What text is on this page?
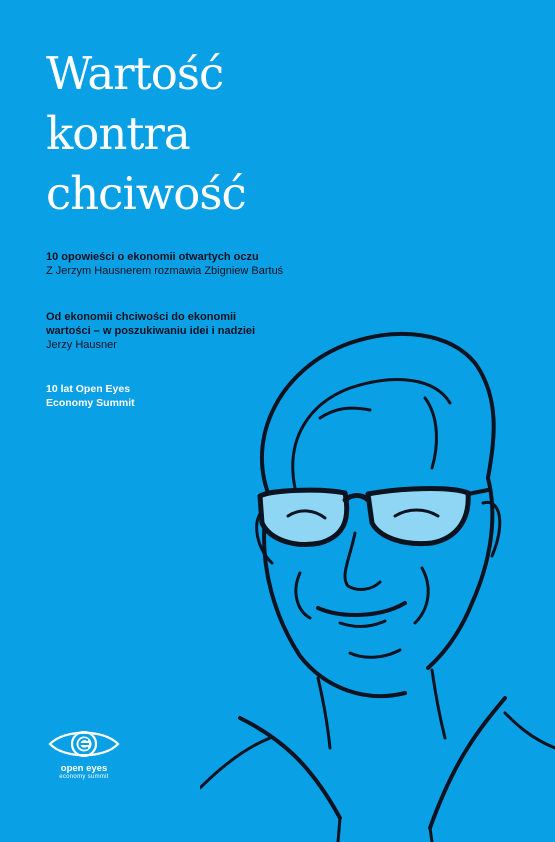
Wartość
kontra
chciwość
10 opowieści o ekonomii otwartych oczu
Z Jerzym Hausnerem rozmawia Zbigniew Bartuś
Od ekonomii chciwości do ekonomii
wartości – w poszukiwaniu idei i nadziei
Jerzy Hausner
10 lat Open Eyes
Economy Summit
open eyes
economy summit
